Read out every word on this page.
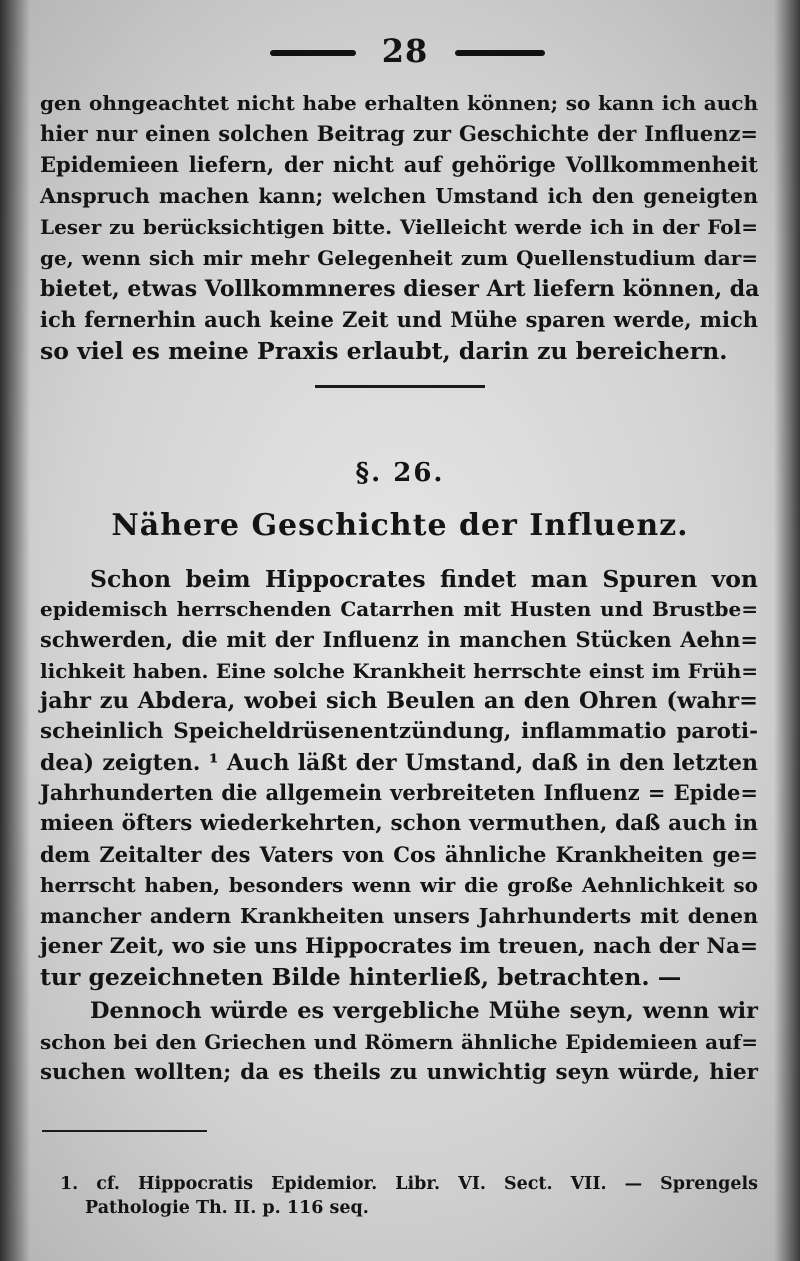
28
gen ohngeachtet nicht habe erhalten können; so kann ich auch
hier nur einen solchen Beitrag zur Geschichte der Influenz=
Epidemieen liefern, der nicht auf gehörige Vollkommenheit
Anspruch machen kann; welchen Umstand ich den geneigten
Leser zu berücksichtigen bitte. Vielleicht werde ich in der Fol=
ge, wenn sich mir mehr Gelegenheit zum Quellenstudium dar=
bietet, etwas Vollkommneres dieser Art liefern können, da
ich fernerhin auch keine Zeit und Mühe sparen werde, mich
so viel es meine Praxis erlaubt, darin zu bereichern.
§. 26.
Nähere Geschichte der Influenz.
Schon beim Hippocrates findet man Spuren von
epidemisch herrschenden Catarrhen mit Husten und Brustbe=
schwerden, die mit der Influenz in manchen Stücken Aehn=
lichkeit haben. Eine solche Krankheit herrschte einst im Früh=
jahr zu Abdera, wobei sich Beulen an den Ohren (wahr=
scheinlich Speicheldrüsenentzündung, inflammatio paroti-
dea) zeigten. ¹ Auch läßt der Umstand, daß in den letzten
Jahrhunderten die allgemein verbreiteten Influenz = Epide=
mieen öfters wiederkehrten, schon vermuthen, daß auch in
dem Zeitalter des Vaters von Cos ähnliche Krankheiten ge=
herrscht haben, besonders wenn wir die große Aehnlichkeit so
mancher andern Krankheiten unsers Jahrhunderts mit denen
jener Zeit, wo sie uns Hippocrates im treuen, nach der Na=
tur gezeichneten Bilde hinterließ, betrachten. —
Dennoch würde es vergebliche Mühe seyn, wenn wir
schon bei den Griechen und Römern ähnliche Epidemieen auf=
suchen wollten; da es theils zu unwichtig seyn würde, hier
1. cf. Hippocratis Epidemior. Libr. VI. Sect. VII. — Sprengels
Pathologie Th. II. p. 116 seq.
